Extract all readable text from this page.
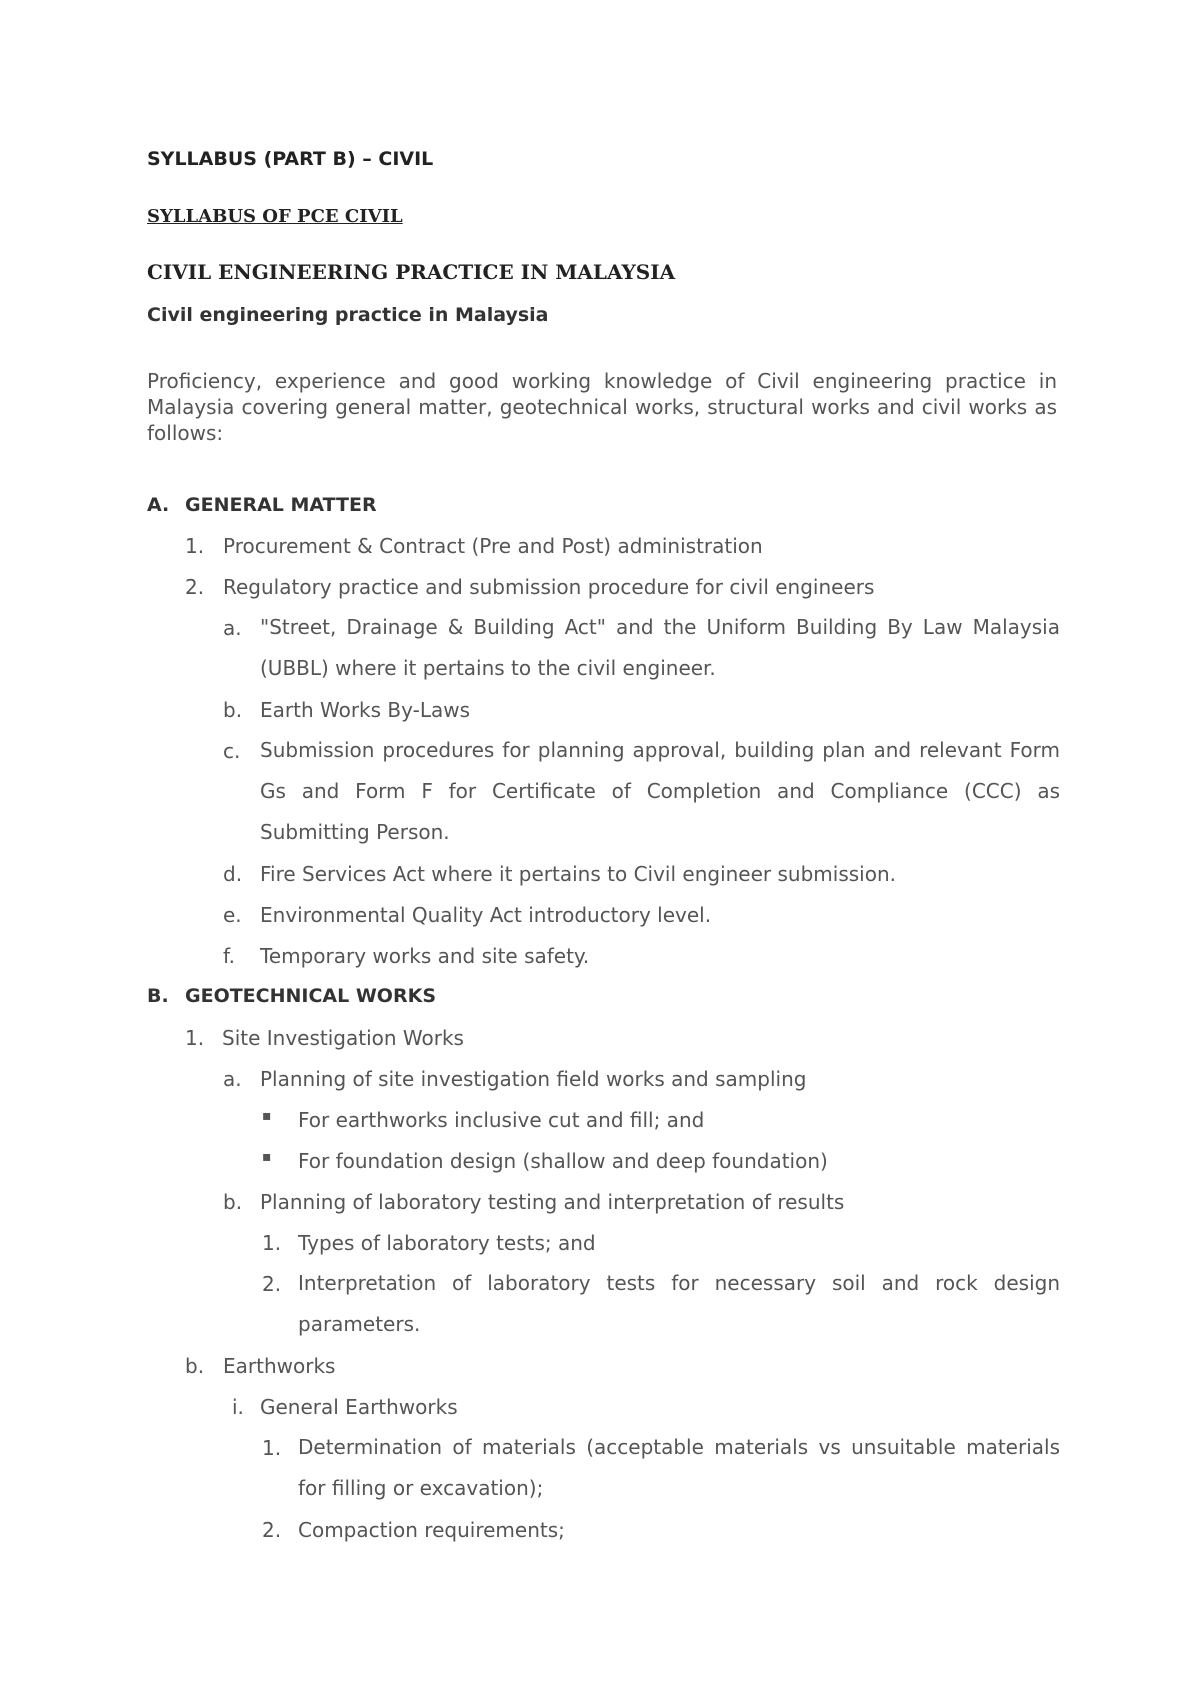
SYLLABUS (PART B) – CIVIL
SYLLABUS OF PCE CIVIL
CIVIL ENGINEERING PRACTICE IN MALAYSIA
Civil engineering practice in Malaysia
Proficiency, experience and good working knowledge of Civil engineering practice in Malaysia covering general matter, geotechnical works, structural works and civil works as follows:
A. GENERAL MATTER
1. Procurement & Contract (Pre and Post) administration
2. Regulatory practice and submission procedure for civil engineers
a. "Street, Drainage & Building Act" and the Uniform Building By Law Malaysia (UBBL) where it pertains to the civil engineer.
b. Earth Works By-Laws
c. Submission procedures for planning approval, building plan and relevant Form Gs and Form F for Certificate of Completion and Compliance (CCC) as Submitting Person.
d. Fire Services Act where it pertains to Civil engineer submission.
e. Environmental Quality Act introductory level.
f. Temporary works and site safety.
B. GEOTECHNICAL WORKS
1. Site Investigation Works
a. Planning of site investigation field works and sampling
▪ For earthworks inclusive cut and fill; and
▪ For foundation design (shallow and deep foundation)
b. Planning of laboratory testing and interpretation of results
1. Types of laboratory tests; and
2. Interpretation of laboratory tests for necessary soil and rock design parameters.
b. Earthworks
i. General Earthworks
1. Determination of materials (acceptable materials vs unsuitable materials for filling or excavation);
2. Compaction requirements;
